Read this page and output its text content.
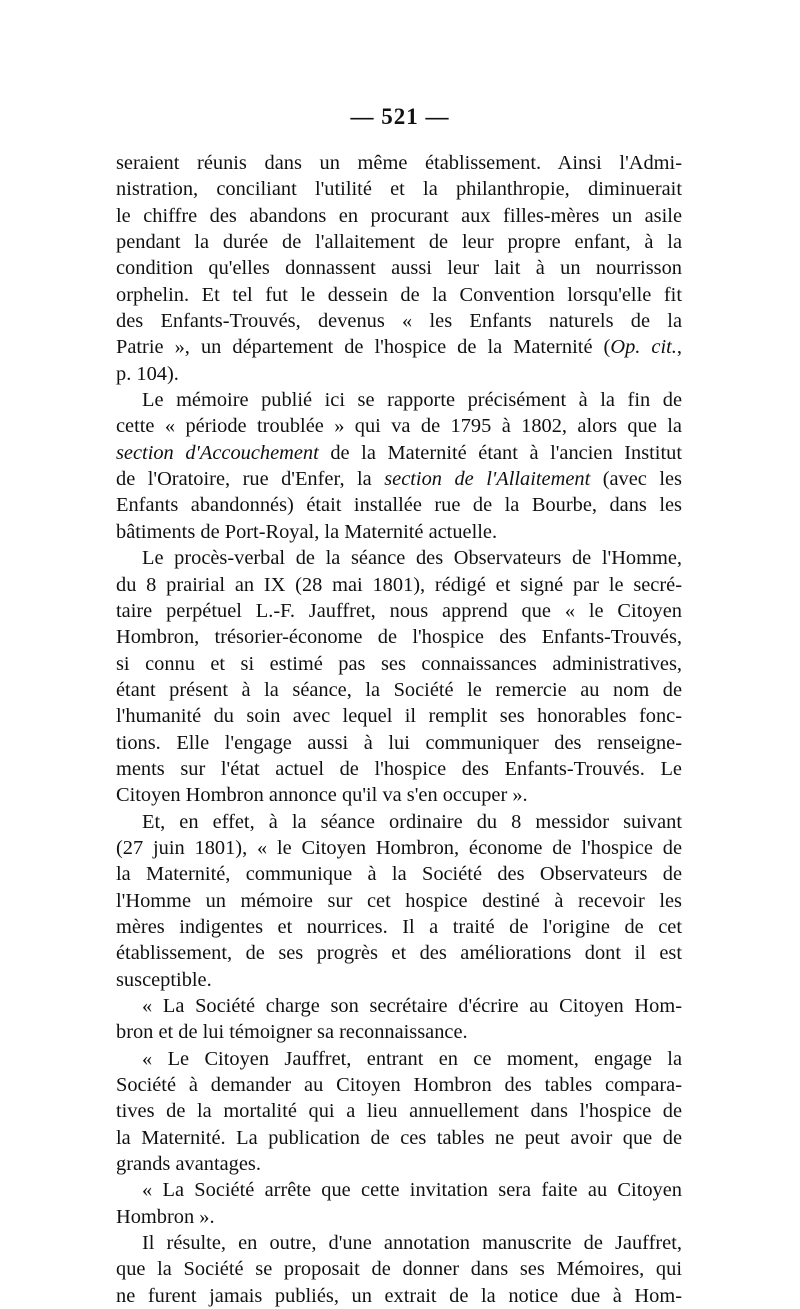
— 521 —
seraient réunis dans un même établissement. Ainsi l'Admi-
nistration, conciliant l'utilité et la philanthropie, diminuerait
le chiffre des abandons en procurant aux filles-mères un asile
pendant la durée de l'allaitement de leur propre enfant, à la
condition qu'elles donnassent aussi leur lait à un nourrisson
orphelin. Et tel fut le dessein de la Convention lorsqu'elle fit
des Enfants-Trouvés, devenus « les Enfants naturels de la
Patrie », un département de l'hospice de la Maternité (Op. cit.,
p. 104).
Le mémoire publié ici se rapporte précisément à la fin de
cette « période troublée » qui va de 1795 à 1802, alors que la
section d'Accouchement de la Maternité étant à l'ancien Institut
de l'Oratoire, rue d'Enfer, la section de l'Allaitement (avec les
Enfants abandonnés) était installée rue de la Bourbe, dans les
bâtiments de Port-Royal, la Maternité actuelle.
Le procès-verbal de la séance des Observateurs de l'Homme,
du 8 prairial an IX (28 mai 1801), rédigé et signé par le secré-
taire perpétuel L.-F. Jauffret, nous apprend que « le Citoyen
Hombron, trésorier-économe de l'hospice des Enfants-Trouvés,
si connu et si estimé pas ses connaissances administratives,
étant présent à la séance, la Société le remercie au nom de
l'humanité du soin avec lequel il remplit ses honorables fonc-
tions. Elle l'engage aussi à lui communiquer des renseigne-
ments sur l'état actuel de l'hospice des Enfants-Trouvés. Le
Citoyen Hombron annonce qu'il va s'en occuper ».
Et, en effet, à la séance ordinaire du 8 messidor suivant
(27 juin 1801), « le Citoyen Hombron, économe de l'hospice de
la Maternité, communique à la Société des Observateurs de
l'Homme un mémoire sur cet hospice destiné à recevoir les
mères indigentes et nourrices. Il a traité de l'origine de cet
établissement, de ses progrès et des améliorations dont il est
susceptible.
« La Société charge son secrétaire d'écrire au Citoyen Hom-
bron et de lui témoigner sa reconnaissance.
« Le Citoyen Jauffret, entrant en ce moment, engage la
Société à demander au Citoyen Hombron des tables compara-
tives de la mortalité qui a lieu annuellement dans l'hospice de
la Maternité. La publication de ces tables ne peut avoir que de
grands avantages.
« La Société arrête que cette invitation sera faite au Citoyen
Hombron ».
Il résulte, en outre, d'une annotation manuscrite de Jauffret,
que la Société se proposait de donner dans ses Mémoires, qui
ne furent jamais publiés, un extrait de la notice due à Hom-
